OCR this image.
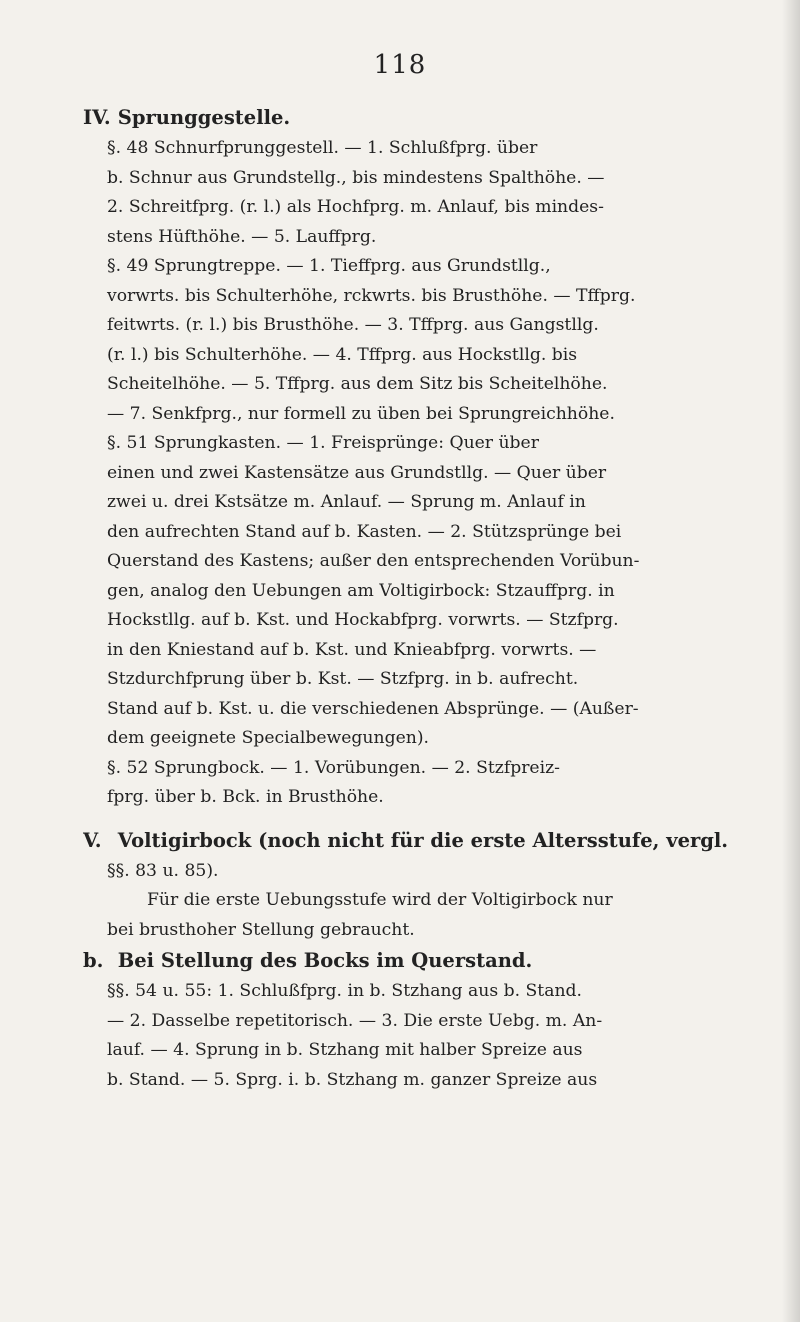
118
IV. Sprunggestelle.
§. 48 Schnurfprunggestell. — 1. Schlußfprg. über
b. Schnur aus Grundstellg., bis mindestens Spalthöhe. —
2. Schreitfprg. (r. l.) als Hochfprg. m. Anlauf, bis mindes-
stens Hüfthöhe. — 5. Lauffprg.
§. 49 Sprungtreppe. — 1. Tieffprg. aus Grundstllg.,
vorwrts. bis Schulterhöhe, rckwrts. bis Brusthöhe. — Tffprg.
feitwrts. (r. l.) bis Brusthöhe. — 3. Tffprg. aus Gangstllg.
(r. l.) bis Schulterhöhe. — 4. Tffprg. aus Hockstllg. bis
Scheitelhöhe. — 5. Tffprg. aus dem Sitz bis Scheitelhöhe.
— 7. Senkfprg., nur formell zu üben bei Sprungreichhöhe.
§. 51 Sprungkasten. — 1. Freisprünge: Quer über
einen und zwei Kastensätze aus Grundstllg. — Quer über
zwei u. drei Kstsätze m. Anlauf. — Sprung m. Anlauf in
den aufrechten Stand auf b. Kasten. — 2. Stützsprünge bei
Querstand des Kastens; außer den entsprechenden Vorübun-
gen, analog den Uebungen am Voltigirbock: Stzauffprg. in
Hockstllg. auf b. Kst. und Hockabfprg. vorwrts. — Stzfprg.
in den Kniestand auf b. Kst. und Knieabfprg. vorwrts. —
Stzdurchfprung über b. Kst. — Stzfprg. in b. aufrecht.
Stand auf b. Kst. u. die verschiedenen Absprünge. — (Außer-
dem geeignete Specialbewegungen).
§. 52 Sprungbock. — 1. Vorübungen. — 2. Stzfpreiz-
fprg. über b. Bck. in Brusthöhe.
V. Voltigirbock (noch nicht für die erste Altersstufe, vergl.
§§. 83 u. 85).
Für die erste Uebungsstufe wird der Voltigirbock nur
bei brusthoher Stellung gebraucht.
b. Bei Stellung des Bocks im Querstand.
§§. 54 u. 55: 1. Schlußfprg. in b. Stzhang aus b. Stand.
— 2. Dasselbe repetitorisch. — 3. Die erste Uebg. m. An-
lauf. — 4. Sprung in b. Stzhang mit halber Spreize aus
b. Stand. — 5. Sprg. i. b. Stzhang m. ganzer Spreize aus
